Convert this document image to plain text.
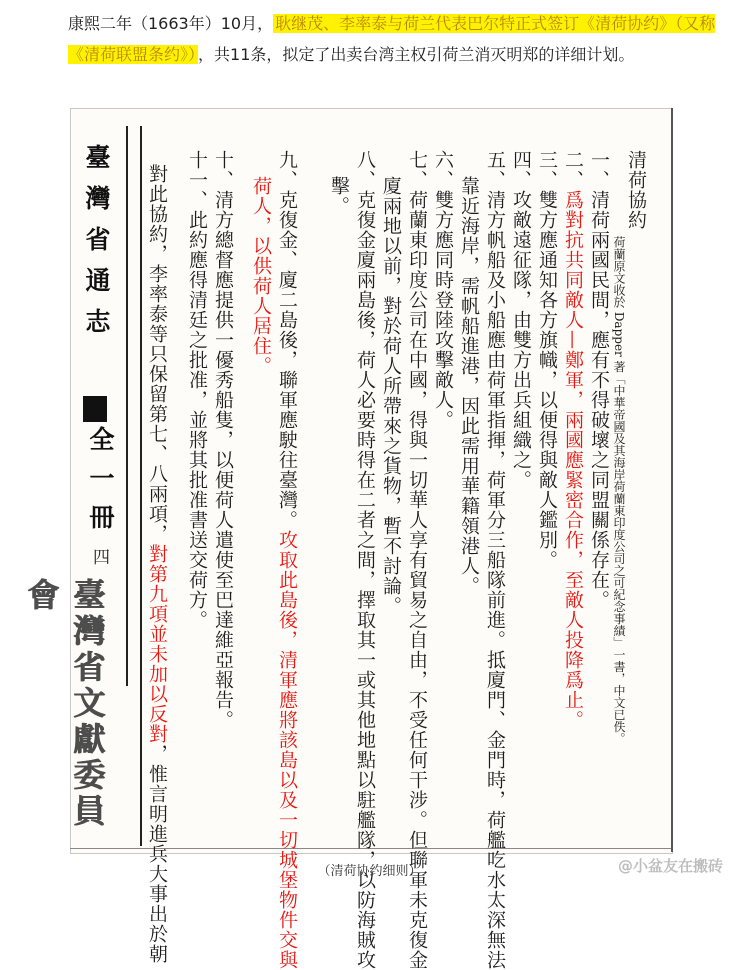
康熙二年（1663年）10月， 耿继茂、李率泰与荷兰代表巴尔特正式签订《清荷协约》（又称《清荷联盟条约》） ，共11条，拟定了出卖台湾主权引荷兰消灭明郑的详细计划。
臺灣省通志
全一冊
四
臺灣省文獻委員會
清荷協約
荷蘭原文收於 Dapper 著「中華帝國及其海岸荷蘭東印度公司之可紀念事績」一書，中文已佚。
一、清荷兩國民間，應有不得破壞之同盟關係存在。
二、爲對抗共同敵人—鄭軍，兩國應緊密合作，至敵人投降爲止。
三、雙方應通知各方旗幟，以便得與敵人鑑別。
四、攻敵遠征隊，由雙方出兵組織之。
五、清方帆船及小船應由荷軍指揮，荷軍分三船隊前進。抵廈門、金門時，荷艦吃水太深無法
靠近海岸，需帆船進港，因此需用華籍領港人。
六、雙方應同時登陸攻擊敵人。
七、荷蘭東印度公司在中國，得與一切華人享有貿易之自由，不受任何干涉。但聯軍未克復金
廈兩地以前，對於荷人所帶來之貨物，暫不討論。
八、克復金廈兩島後，荷人必要時得在二者之間，擇取其一或其他地點以駐艦隊，以防海賊攻
擊。
九、克復金、廈二島後，聯軍應駛往臺灣。攻取此島後，清軍應將該島以及一切城堡物件交與
荷人，以供荷人居住。
十、清方總督應提供一優秀船隻，以便荷人遣使至巴達維亞報告。
十一、此約應得清廷之批准，並將其批准書送交荷方。
對此協約，李率泰等只保留第七、八兩項，對第九項並未加以反對，惟言明進兵大事出於朝	（清荷协约细则）	@小盆友在搬砖
